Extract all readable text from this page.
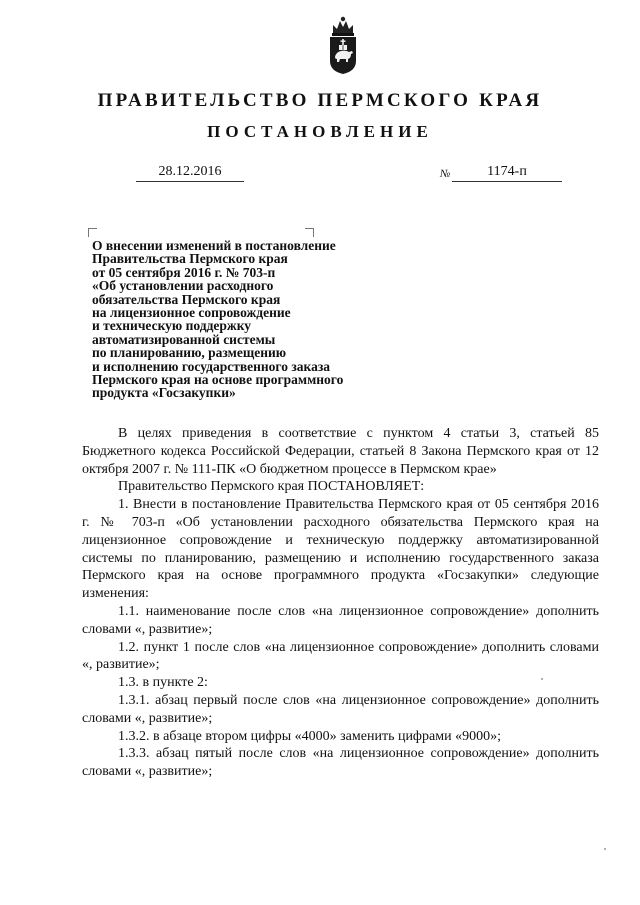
ПРАВИТЕЛЬСТВО ПЕРМСКОГО КРАЯ
ПОСТАНОВЛЕНИЕ
28.12.2016	№	1174-п
О внесении изменений в постановление
Правительства Пермского края
от 05 сентября 2016 г. № 703-п
«Об установлении расходного
обязательства Пермского края
на лицензионное сопровождение
и техническую поддержку
автоматизированной системы
по планированию, размещению
и исполнению государственного заказа
Пермского края на основе программного
продукта «Госзакупки»

В целях приведения в соответствие с пунктом 4 статьи 3, статьей 85 Бюджетного кодекса Российской Федерации, статьей 8 Закона Пермского края от 12 октября 2007 г. № 111-ПК «О бюджетном процессе в Пермском крае»

Правительство Пермского края ПОСТАНОВЛЯЕТ:

1. Внести в постановление Правительства Пермского края от 05 сентября 2016 г. № 703-п «Об установлении расходного обязательства Пермского края на лицензионное сопровождение и техническую поддержку автоматизированной системы по планированию, размещению и исполнению государственного заказа Пермского края на основе программного продукта «Госзакупки» следующие изменения:

1.1. наименование после слов «на лицензионное сопровождение» дополнить словами «, развитие»;

1.2. пункт 1 после слов «на лицензионное сопровождение» дополнить словами «, развитие»;

1.3. в пункте 2:

1.3.1. абзац первый после слов «на лицензионное сопровождение» дополнить словами «, развитие»;

1.3.2. в абзаце втором цифры «4000» заменить цифрами «9000»;

1.3.3. абзац пятый после слов «на лицензионное сопровождение» дополнить словами «, развитие»;
